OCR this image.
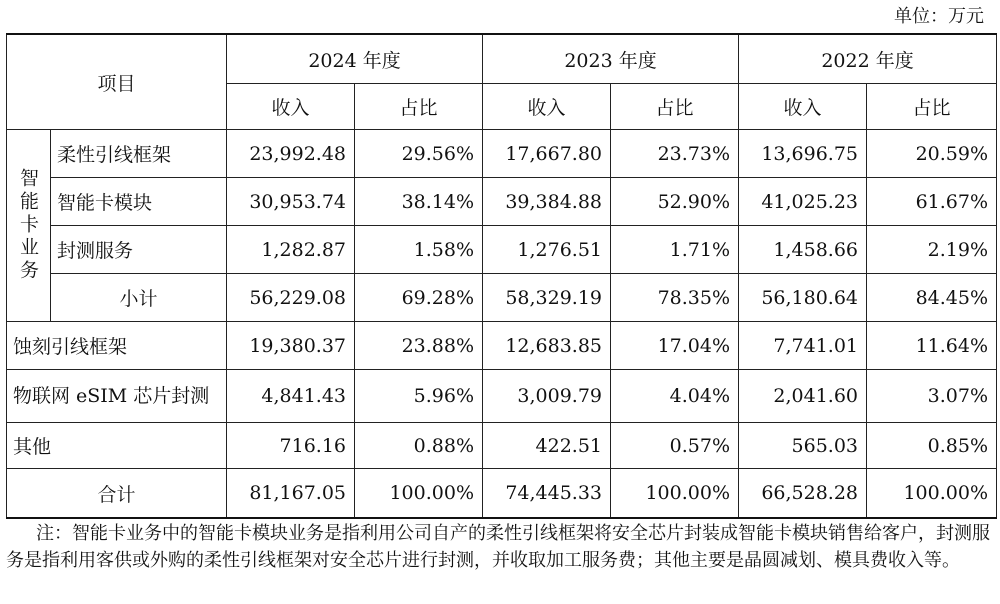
单位：万元
项目		2024 年度		2023 年度		2022 年度	
		收入	占比	收入	占比	收入	占比
智能卡业务	柔性引线框架	23,992.48	29.56%	17,667.80	23.73%	13,696.75	20.59%
	智能卡模块	30,953.74	38.14%	39,384.88	52.90%	41,025.23	61.67%
	封测服务	1,282.87	1.58%	1,276.51	1.71%	1,458.66	2.19%
	小计	56,229.08	69.28%	58,329.19	78.35%	56,180.64	84.45%
蚀刻引线框架		19,380.37	23.88%	12,683.85	17.04%	7,741.01	11.64%
物联网 eSIM 芯片封测		4,841.43	5.96%	3,009.79	4.04%	2,041.60	3.07%
其他		716.16	0.88%	422.51	0.57%	565.03	0.85%
合计		81,167.05	100.00%	74,445.33	100.00%	66,528.28	100.00%
注：智能卡业务中的智能卡模块业务是指利用公司自产的柔性引线框架将安全芯片封装成智能卡模块销售给客户，封测服务是指利用客供或外购的柔性引线框架对安全芯片进行封测，并收取加工服务费；其他主要是晶圆减划、模具费收入等。
